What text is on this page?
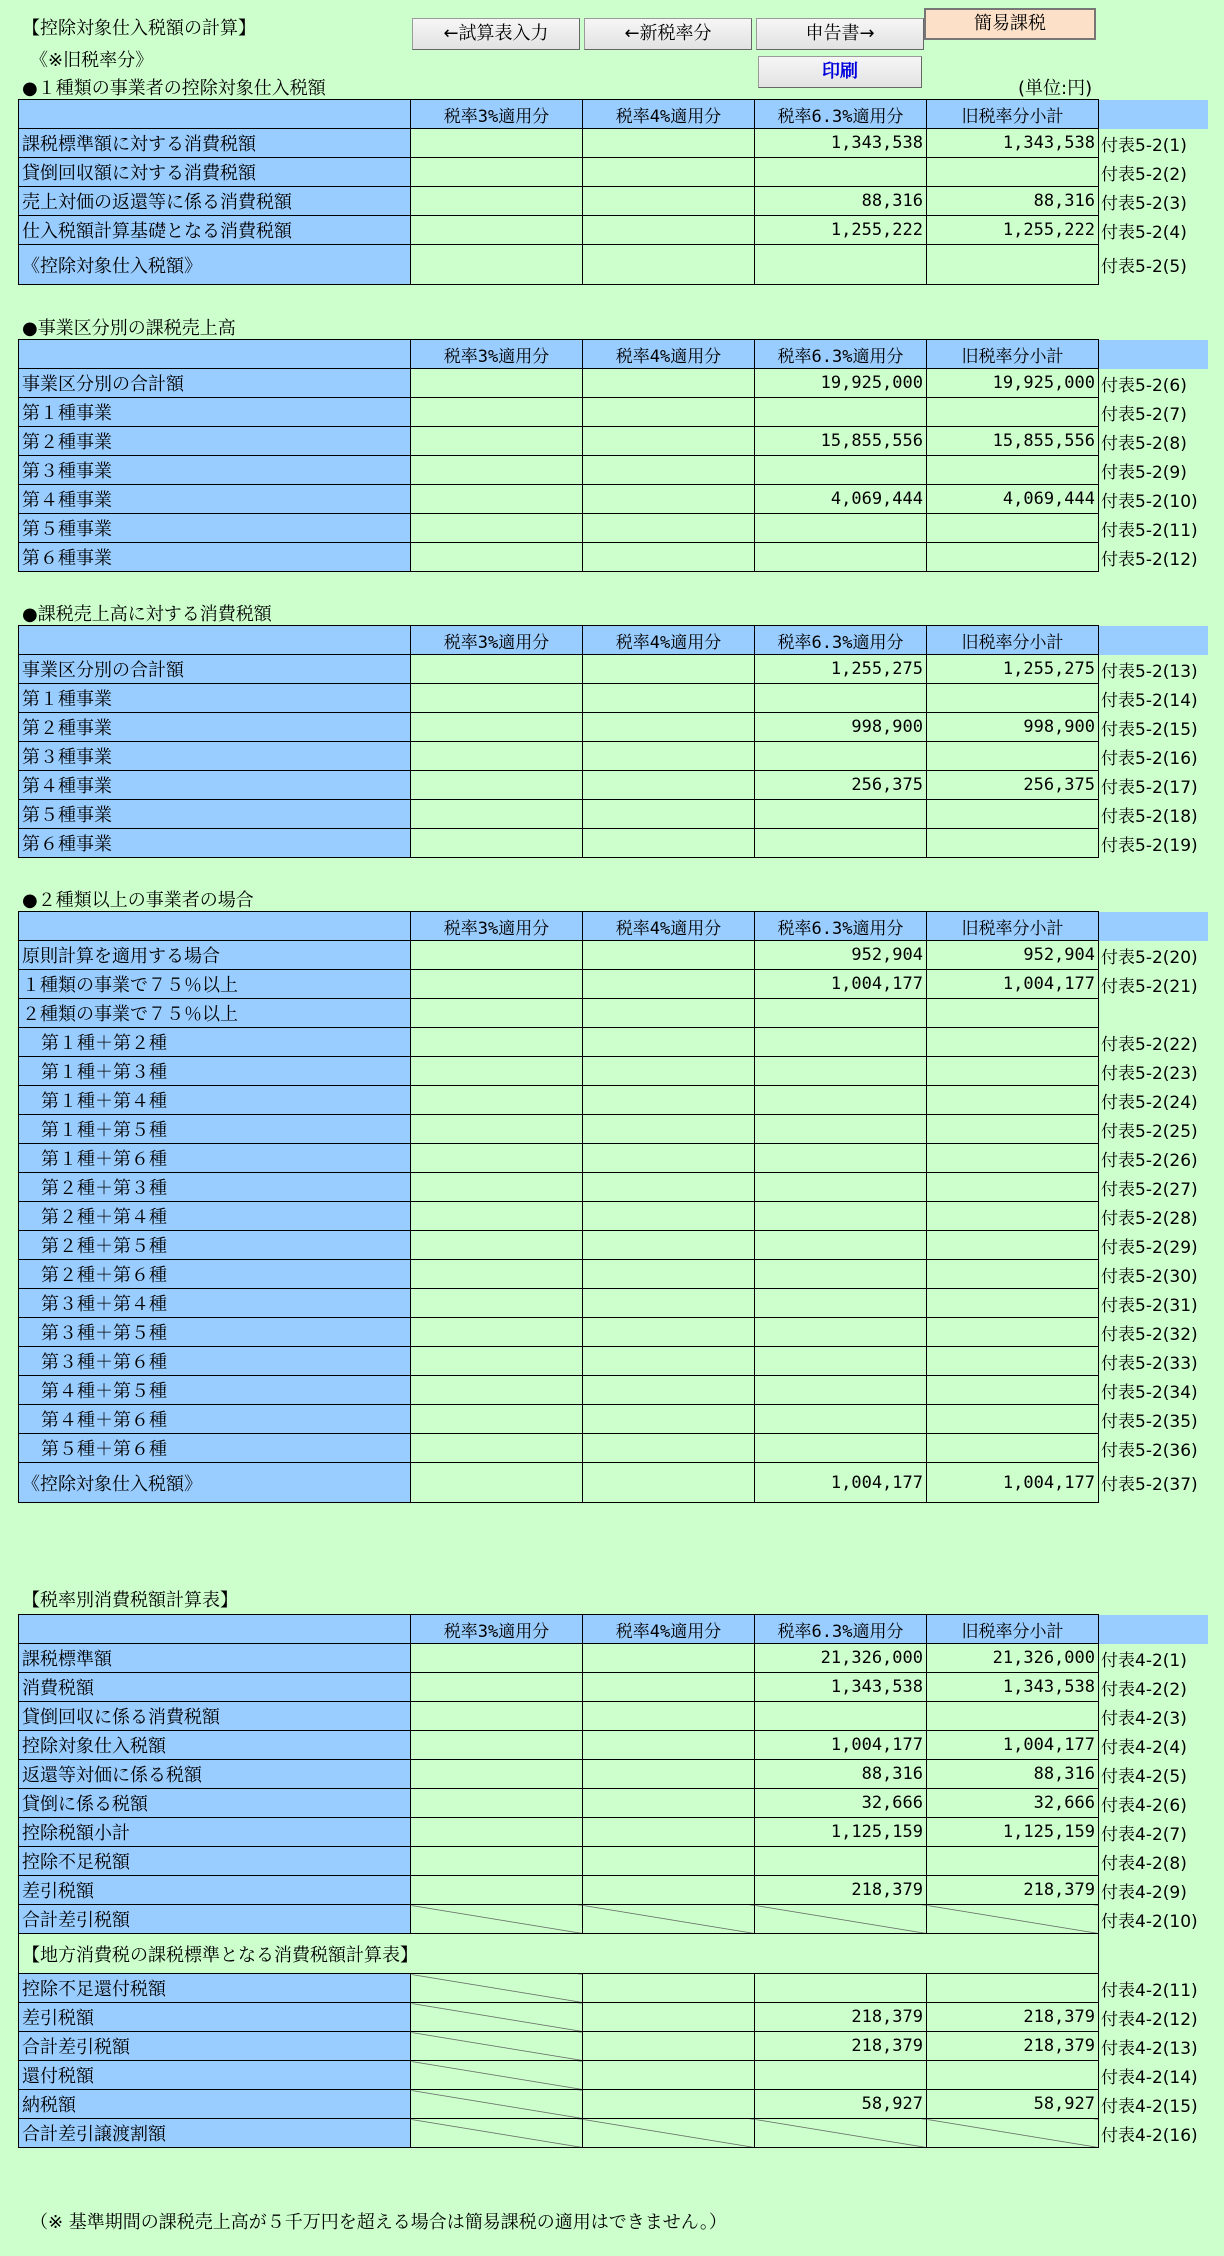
【控除対象仕入税額の計算】
《※旧税率分》
←試算表入力	←新税率分	申告書→	簡易課税
印刷
●１種類の事業者の控除対象仕入税額	(単位:円)
	税率3%適用分	税率4%適用分	税率6.3%適用分	旧税率分小計	
課税標準額に対する消費税額			1,343,538	1,343,538	付表5-2(1)
貸倒回収額に対する消費税額					付表5-2(2)
売上対価の返還等に係る消費税額			88,316	88,316	付表5-2(3)
仕入税額計算基礎となる消費税額			1,255,222	1,255,222	付表5-2(4)
《控除対象仕入税額》					付表5-2(5)
●事業区分別の課税売上高
	税率3%適用分	税率4%適用分	税率6.3%適用分	旧税率分小計	
事業区分別の合計額			19,925,000	19,925,000	付表5-2(6)
第１種事業					付表5-2(7)
第２種事業			15,855,556	15,855,556	付表5-2(8)
第３種事業					付表5-2(9)
第４種事業			4,069,444	4,069,444	付表5-2(10)
第５種事業					付表5-2(11)
第６種事業					付表5-2(12)
●課税売上高に対する消費税額
	税率3%適用分	税率4%適用分	税率6.3%適用分	旧税率分小計	
事業区分別の合計額			1,255,275	1,255,275	付表5-2(13)
第１種事業					付表5-2(14)
第２種事業			998,900	998,900	付表5-2(15)
第３種事業					付表5-2(16)
第４種事業			256,375	256,375	付表5-2(17)
第５種事業					付表5-2(18)
第６種事業					付表5-2(19)
●２種類以上の事業者の場合
	税率3%適用分	税率4%適用分	税率6.3%適用分	旧税率分小計	
原則計算を適用する場合			952,904	952,904	付表5-2(20)
１種類の事業で７５％以上			1,004,177	1,004,177	付表5-2(21)
２種類の事業で７５％以上					
第１種＋第２種					付表5-2(22)
第１種＋第３種					付表5-2(23)
第１種＋第４種					付表5-2(24)
第１種＋第５種					付表5-2(25)
第１種＋第６種					付表5-2(26)
第２種＋第３種					付表5-2(27)
第２種＋第４種					付表5-2(28)
第２種＋第５種					付表5-2(29)
第２種＋第６種					付表5-2(30)
第３種＋第４種					付表5-2(31)
第３種＋第５種					付表5-2(32)
第３種＋第６種					付表5-2(33)
第４種＋第５種					付表5-2(34)
第４種＋第６種					付表5-2(35)
第５種＋第６種					付表5-2(36)
《控除対象仕入税額》			1,004,177	1,004,177	付表5-2(37)
【税率別消費税額計算表】
	税率3%適用分	税率4%適用分	税率6.3%適用分	旧税率分小計	
課税標準額			21,326,000	21,326,000	付表4-2(1)
消費税額			1,343,538	1,343,538	付表4-2(2)
貸倒回収に係る消費税額					付表4-2(3)
控除対象仕入税額			1,004,177	1,004,177	付表4-2(4)
返還等対価に係る税額			88,316	88,316	付表4-2(5)
貸倒に係る税額			32,666	32,666	付表4-2(6)
控除税額小計			1,125,159	1,125,159	付表4-2(7)
控除不足税額					付表4-2(8)
差引税額			218,379	218,379	付表4-2(9)
合計差引税額					付表4-2(10)
【地方消費税の課税標準となる消費税額計算表】					
控除不足還付税額					付表4-2(11)
差引税額			218,379	218,379	付表4-2(12)
合計差引税額			218,379	218,379	付表4-2(13)
還付税額					付表4-2(14)
納税額			58,927	58,927	付表4-2(15)
合計差引譲渡割額					付表4-2(16)
（※ 基準期間の課税売上高が５千万円を超える場合は簡易課税の適用はできません。）
